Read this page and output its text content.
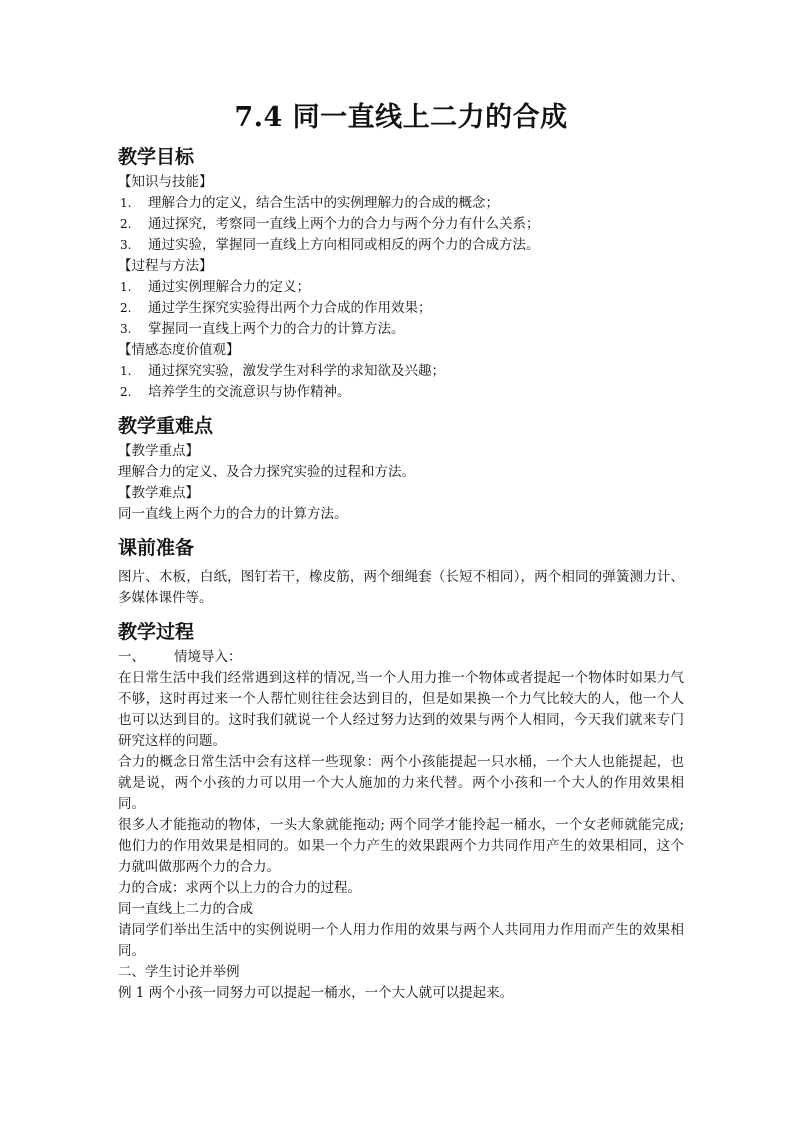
7.4 同一直线上二力的合成
教学目标

【知识与技能】

1. 理解合力的定义，结合生活中的实例理解力的合成的概念；
2. 通过探究，考察同一直线上两个力的合力与两个分力有什么关系；
3. 通过实验，掌握同一直线上方向相同或相反的两个力的合成方法。

【过程与方法】

1. 通过实例理解合力的定义；
2. 通过学生探究实验得出两个力合成的作用效果；
3. 掌握同一直线上两个力的合力的计算方法。

【情感态度价值观】

1. 通过探究实验，激发学生对科学的求知欲及兴趣；
2. 培养学生的交流意识与协作精神。
教学重难点

【教学重点】

理解合力的定义、及合力探究实验的过程和方法。

【教学难点】

同一直线上两个力的合力的计算方法。

课前准备

图片、木板，白纸，图钉若干，橡皮筋，两个细绳套（长短不相同），两个相同的弹簧测力计、多媒体课件等。

教学过程

一、 情境导入：

在日常生活中我们经常遇到这样的情况,当一个人用力推一个物体或者提起一个物体时如果力气不够，这时再过来一个人帮忙则往往会达到目的，但是如果换一个力气比较大的人，他一个人也可以达到目的。这时我们就说一个人经过努力达到的效果与两个人相同，今天我们就来专门研究这样的问题。

合力的概念日常生活中会有这样一些现象：两个小孩能提起一只水桶，一个大人也能提起，也就是说，两个小孩的力可以用一个大人施加的力来代替。两个小孩和一个大人的作用效果相同。

很多人才能拖动的物体，一头大象就能拖动; 两个同学才能拎起一桶水，一个女老师就能完成; 他们力的作用效果是相同的。如果一个力产生的效果跟两个力共同作用产生的效果相同，这个力就叫做那两个力的合力。

力的合成：求两个以上力的合力的过程。

同一直线上二力的合成

请同学们举出生活中的实例说明一个人用力作用的效果与两个人共同用力作用而产生的效果相同。

二、学生讨论并举例

例 1 两个小孩一同努力可以提起一桶水，一个大人就可以提起来。
